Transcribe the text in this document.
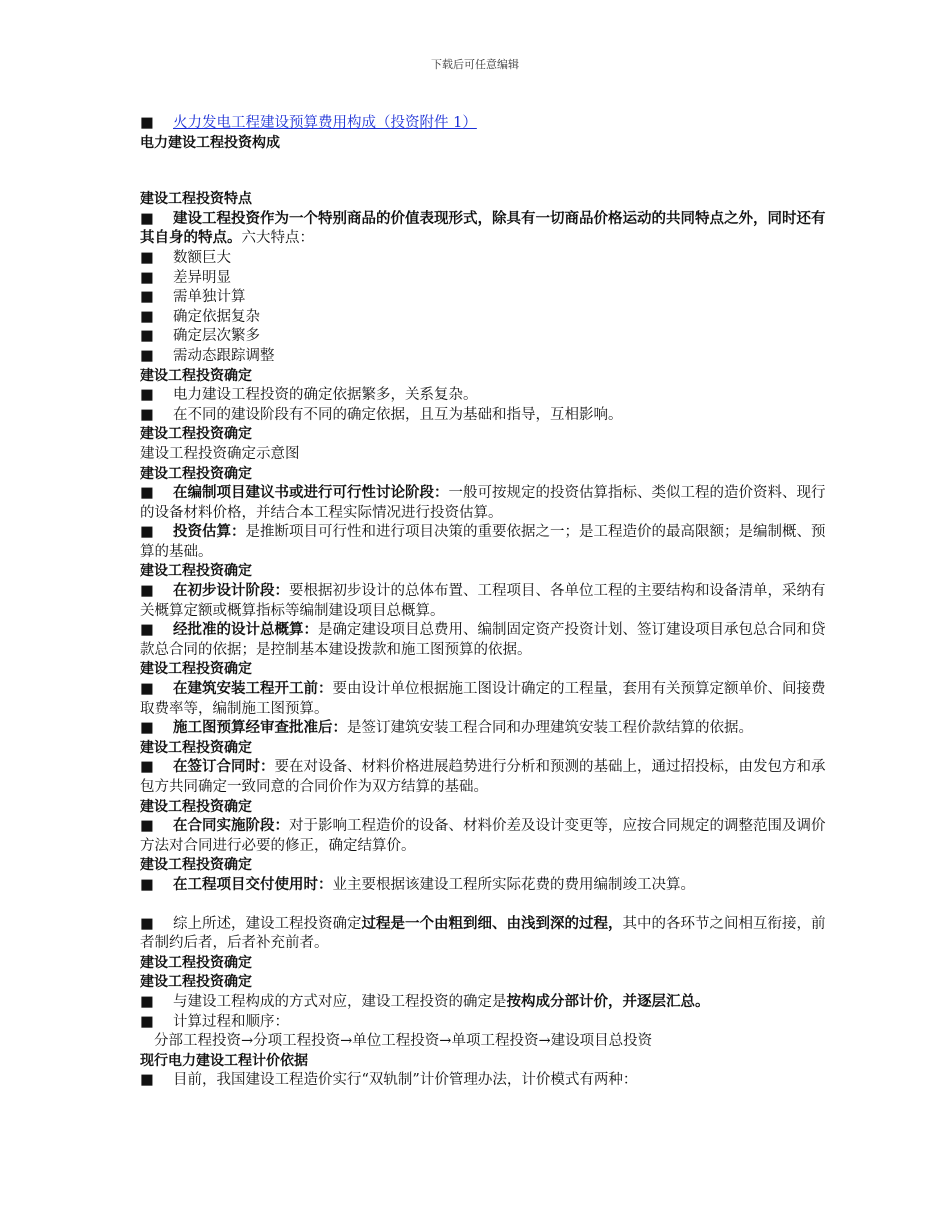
下载后可任意编辑
■ 火力发电工程建设预算费用构成（投资附件 1）
电力建设工程投资构成
建设工程投资特点
■ 建设工程投资作为一个特别商品的价值表现形式，除具有一切商品价格运动的共同特点之外，同时还有其自身的特点。六大特点：
■ 数额巨大
■ 差异明显
■ 需单独计算
■ 确定依据复杂
■ 确定层次繁多
■ 需动态跟踪调整
建设工程投资确定
■ 电力建设工程投资的确定依据繁多，关系复杂。
■ 在不同的建设阶段有不同的确定依据，且互为基础和指导，互相影响。
建设工程投资确定
建设工程投资确定示意图
建设工程投资确定
■ 在编制项目建议书或进行可行性讨论阶段：一般可按规定的投资估算指标、类似工程的造价资料、现行的设备材料价格，并结合本工程实际情况进行投资估算。
■ 投资估算：是推断项目可行性和进行项目决策的重要依据之一；是工程造价的最高限额；是编制概、预算的基础。
建设工程投资确定
■ 在初步设计阶段：要根据初步设计的总体布置、工程项目、各单位工程的主要结构和设备清单，采纳有关概算定额或概算指标等编制建设项目总概算。
■ 经批准的设计总概算：是确定建设项目总费用、编制固定资产投资计划、签订建设项目承包总合同和贷款总合同的依据；是控制基本建设拨款和施工图预算的依据。
建设工程投资确定
■ 在建筑安装工程开工前：要由设计单位根据施工图设计确定的工程量，套用有关预算定额单价、间接费取费率等，编制施工图预算。
■ 施工图预算经审查批准后：是签订建筑安装工程合同和办理建筑安装工程价款结算的依据。
建设工程投资确定
■ 在签订合同时：要在对设备、材料价格进展趋势进行分析和预测的基础上，通过招投标，由发包方和承包方共同确定一致同意的合同价作为双方结算的基础。
建设工程投资确定
■ 在合同实施阶段：对于影响工程造价的设备、材料价差及设计变更等，应按合同规定的调整范围及调价方法对合同进行必要的修正，确定结算价。
建设工程投资确定
■ 在工程项目交付使用时：业主要根据该建设工程所实际花费的费用编制竣工决算。
■ 综上所述，建设工程投资确定过程是一个由粗到细、由浅到深的过程，其中的各环节之间相互衔接，前者制约后者，后者补充前者。
建设工程投资确定
建设工程投资确定
■ 与建设工程构成的方式对应，建设工程投资的确定是按构成分部计价，并逐层汇总。
■ 计算过程和顺序：
分部工程投资→分项工程投资→单位工程投资→单项工程投资→建设项目总投资
现行电力建设工程计价依据
■ 目前，我国建设工程造价实行“双轨制”计价管理办法，计价模式有两种：
